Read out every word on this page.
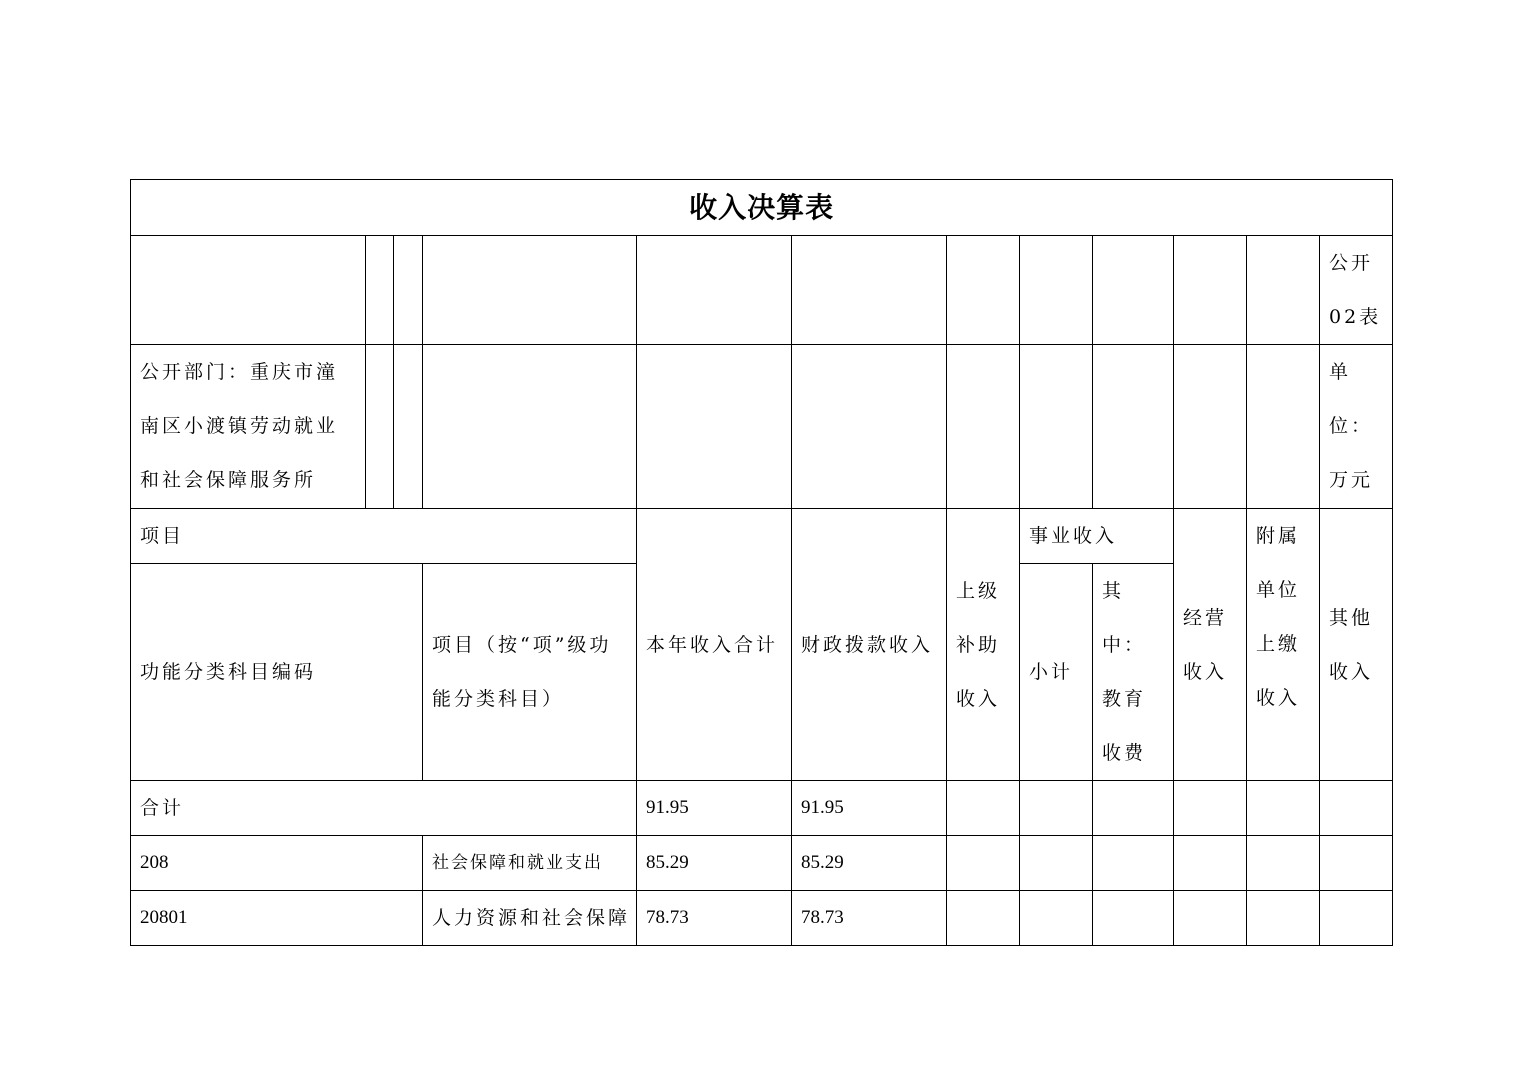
收入决算表											
											公开02表
公开部门：重庆市潼南区小渡镇劳动就业和社会保障服务所											单位：万元
项目				本年收入合计	财政拨款收入	上级补助收入	事业收入		经营收入	附属单位上缴收入	其他收入
功能分类科目编码			项目（按“项”级功能分类科目）				小计	其中：教育收费			
合计				91.95	91.95						
208			社会保障和就业支出	85.29	85.29						
20801			人力资源和社会保障	78.73	78.73						
